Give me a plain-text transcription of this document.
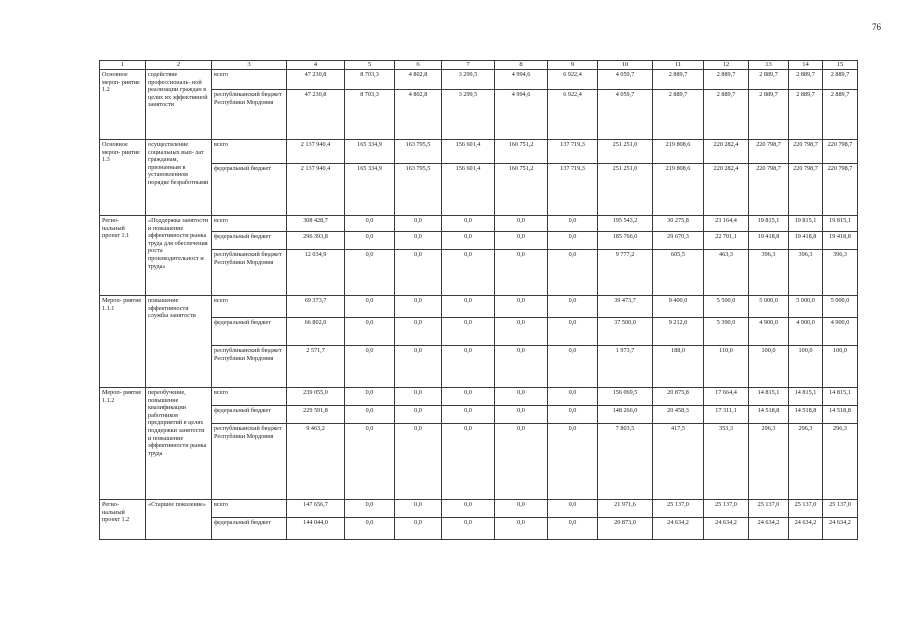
76
1	2	3	4	5	6	7	8	9	10	11	12	13	14	15
Основное мероп- риятие 1.2	содействие профессиональ- ной реализации граждан в целях их эффективной занятости	всего	47 230,8	8 703,3	4 802,8	3 299,5	4 994,6	6 922,4	4 059,7	2 889,7	2 889,7	2 889,7	2 889,7	2 889,7
		республиканский бюджет Республики Мордовия	47 230,8	8 703,3	4 802,8	3 299,5	4 994,6	6 922,4	4 059,7	2 889,7	2 889,7	2 889,7	2 889,7	2 889,7
Основное мероп- риятие 1.3	осуществление социальных вып- лат гражданам, признанным в установленном порядке безработными	всего	2 137 940,4	165 334,9	163 795,5	156 601,4	160 751,2	137 719,3	251 251,0	219 808,6	220 282,4	220 798,7	220 798,7	220 798,7
		федеральный бюджет	2 137 940,4	165 334,9	163 795,5	156 601,4	160 751,2	137 719,3	251 251,0	219 808,6	220 282,4	220 798,7	220 798,7	220 798,7
Регио- нальный проект 1.1	«Поддержка занятости и повышение эффективности рынка труда для обеспечения роста производительност и труда»	всего	308 428,7	0,0	0,0	0,0	0,0	0,0	195 543,2	30 275,8	23 164,4	19 815,1	19 815,1	19 815,1
		федеральный бюджет	296 393,8	0,0	0,0	0,0	0,0	0,0	185 766,0	29 670,3	22 701,1	19 418,8	19 418,8	19 418,8
		республиканский бюджет Республики Мордовия	12 034,9	0,0	0,0	0,0	0,0	0,0	9 777,2	605,5	463,3	396,3	396,3	396,3
Мероп- риятие 1.1.1	повышение эффективности службы занятости	всего	69 373,7	0,0	0,0	0,0	0,0	0,0	39 473,7	9 400,0	5 500,0	5 000,0	5 000,0	5 000,0
		федеральный бюджет	66 802,0	0,0	0,0	0,0	0,0	0,0	37 500,0	9 212,0	5 390,0	4 900,0	4 900,0	4 900,0
		республиканский бюджет Республики Мордовия	2 571,7	0,0	0,0	0,0	0,0	0,0	1 973,7	188,0	110,0	100,0	100,0	100,0
Мероп- риятие 1.1.2	переобучение, повышение квалификации работников предприятий в целях поддержки занятости и повышение эффективности рынка труда	всего	239 055,0	0,0	0,0	0,0	0,0	0,0	156 069,5	20 875,8	17 664,4	14 815,1	14 815,1	14 815,1
		федеральный бюджет	229 591,8	0,0	0,0	0,0	0,0	0,0	148 266,0	20 458,3	17 311,1	14 518,8	14 518,8	14 518,8
		республиканский бюджет Республики Мордовия	9 463,2	0,0	0,0	0,0	0,0	0,0	7 803,5	417,5	353,3	296,3	296,3	296,3
Регио- нальный проект 1.2	«Старшее поколение»	всего	147 656,7	0,0	0,0	0,0	0,0	0,0	21 971,6	25 137,0	25 137,0	25 137,0	25 137,0	25 137,0
		федеральный бюджет	144 044,0	0,0	0,0	0,0	0,0	0,0	20 873,0	24 634,2	24 634,2	24 634,2	24 634,2	24 634,2
